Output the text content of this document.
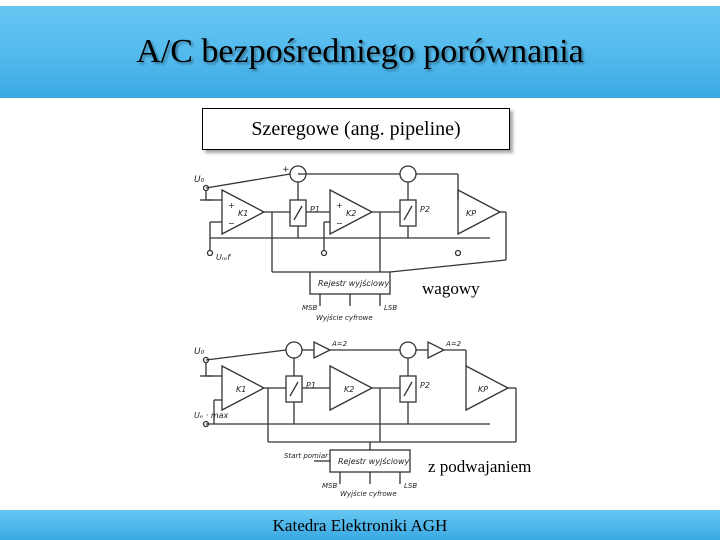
A/C bezpośredniego porównania
Szeregowe (ang. pipeline)
U₀
+
−
K1
Uᵣₑf
+
P1 +
−
K2	P2	KP
Rejestr wyjściowy
MSB	LSB
Wyjście cyfrowe
wagowy
U₀
K1
Uₑ · max
A=2
P1	K2
A=2
P2	KP
Rejestr wyjściowy
Start pomiar
MSB	LSB
Wyjście cyfrowe
z podwajaniem
Katedra Elektroniki AGH
